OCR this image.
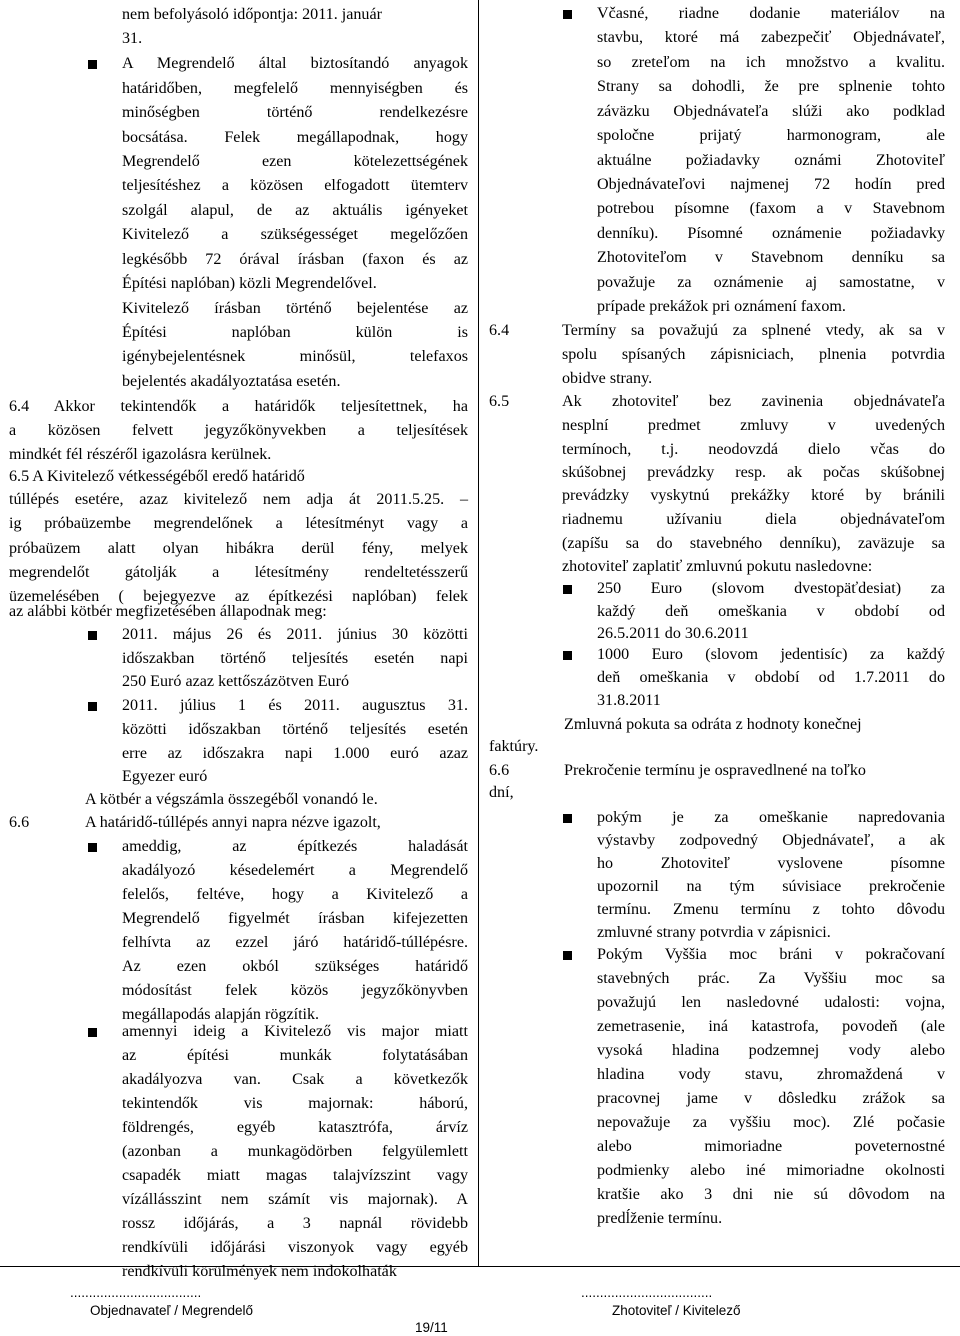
nem befolyásoló időpontja: 2011. január
31.
A Megrendelő által biztosítandó anyagok
határidőben, megfelelő mennyiségben és
minőségben történő rendelkezésre
bocsátása. Felek megállapodnak, hogy
Megrendelő ezen kötelezettségének
teljesítéshez a közösen elfogadott ütemterv
szolgál alapul, de az aktuális igényeket
Kivitelező a szükségességet megelőzően
legkésőbb 72 órával írásban (faxon és az
Építési naplóban) közli Megrendelővel.
Kivitelező írásban történő bejelentése az
Építési naplóban külön is
igénybejelentésnek minősül, telefaxos
bejelentés akadályoztatása esetén.
6.4 Akkor tekintendők a határidők teljesítettnek, ha
a közösen felvett jegyzőkönyvekben a teljesítések
mindkét fél részéről igazolásra kerülnek.
6.5 A Kivitelező vétkességéből eredő határidő
túllépés esetére, azaz kivitelező nem adja át 2011.5.25. –
ig próbaüzembe megrendelőnek a létesítményt vagy a
próbaüzem alatt olyan hibákra derül fény, melyek
megrendelőt gátolják a létesítmény rendeltetésszerű
üzemelésében ( bejegyezve az építkezési naplóban) felek
az alábbi kötbér megfizetésében állapodnak meg:
2011. május 26 és 2011. június 30 közötti
időszakban történő teljesítés esetén napi
250 Euró azaz kettőszázötven Euró
2011. július 1 és 2011. augusztus 31.
közötti időszakban történő teljesítés esetén
erre az időszakra napi 1.000 euró azaz
Egyezer euró
A kötbér a végszámla összegéből vonandó le.
6.6	A határidő-túllépés annyi napra nézve igazolt,
ameddig, az építkezés haladását
akadályozó késedelemért a Megrendelő
felelős, feltéve, hogy a Kivitelező a
Megrendelő figyelmét írásban kifejezetten
felhívta az ezzel járó határidő-túllépésre.
Az ezen okból szükséges határidő
módosítást felek közös jegyzőkönyvben
megállapodás alapján rögzítik.
amennyi ideig a Kivitelező vis major miatt
az építési munkák folytatásában
akadályozva van. Csak a következők
tekintendők vis majornak: háború,
földrengés, egyéb katasztrófa, árvíz
(azonban a munkagödörben felgyülemlett
csapadék miatt magas talajvízszint vagy
vízállásszint nem számít vis majornak). A
rossz időjárás, a 3 napnál rövidebb
rendkívüli időjárási viszonyok vagy egyéb
rendkívüli körülmények nem indokolhaták
Včasné, riadne dodanie materiálov na
stavbu, ktoré má zabezpečiť Objednávateľ,
so zreteľom na ich množstvo a kvalitu.
Strany sa dohodli, že pre splnenie tohto
záväzku Objednávateľa slúži ako podklad
spoločne prijatý harmonogram, ale
aktuálne požiadavky oznámi Zhotoviteľ
Objednávateľovi najmenej 72 hodín pred
potrebou písomne (faxom a v Stavebnom
denníku). Písomné oznámenie požiadavky
Zhotoviteľom v Stavebnom denníku sa
považuje za oznámenie aj samostatne, v
prípade prekážok pri oznámení faxom.
6.4	Termíny sa považujú za splnené vtedy, ak sa v
spolu spísaných zápisniciach, plnenia potvrdia
obidve strany.
6.5	Ak zhotoviteľ bez zavinenia objednávateľa
nesplní predmet zmluvy v uvedených
termínoch, t.j. neodovzdá dielo včas do
skúšobnej prevádzky resp. ak počas skúšobnej
prevádzky vyskytnú prekážky ktoré by bránili
riadnemu užívaniu diela objednávateľom
(zapíšu sa do stavebného denníku), zaväzuje sa
zhotoviteľ zaplatiť zmluvnú pokutu nasledovne:
250 Euro (slovom dvestopäťdesiat) za
každý deň omeškania v období od
26.5.2011 do 30.6.2011
1000 Euro (slovom jedentisíc) za každý
deň omeškania v období od 1.7.2011 do
31.8.2011
Zmluvná pokuta sa odráta z hodnoty konečnej
faktúry.
6.6	Prekročenie termínu je ospravedlnené na toľko
dní,
pokým je za omeškanie napredovania
výstavby zodpovedný Objednávateľ, a ak
ho Zhotoviteľ vyslovene písomne
upozornil na tým súvisiace prekročenie
termínu. Zmenu termínu z tohto dôvodu
zmluvné strany potvrdia v zápisnici.
Pokým Vyššia moc bráni v pokračovaní
stavebných prác. Za Vyššiu moc sa
považujú len nasledovné udalosti: vojna,
zemetrasenie, iná katastrofa, povodeň (ale
vysoká hladina podzemnej vody alebo
hladina vody stavu, zhromaždená v
pracovnej jame v dôsledku zrážok sa
nepovažuje za vyššiu moc). Zlé počasie
alebo mimoriadne poveternostné
podmienky alebo iné mimoriadne okolnosti
kratšie ako 3 dni nie sú dôvodom na
predĺženie termínu.
...................................
Objednavateľ / Megrendelő
19/11
...................................
Zhotoviteľ / Kivitelező
